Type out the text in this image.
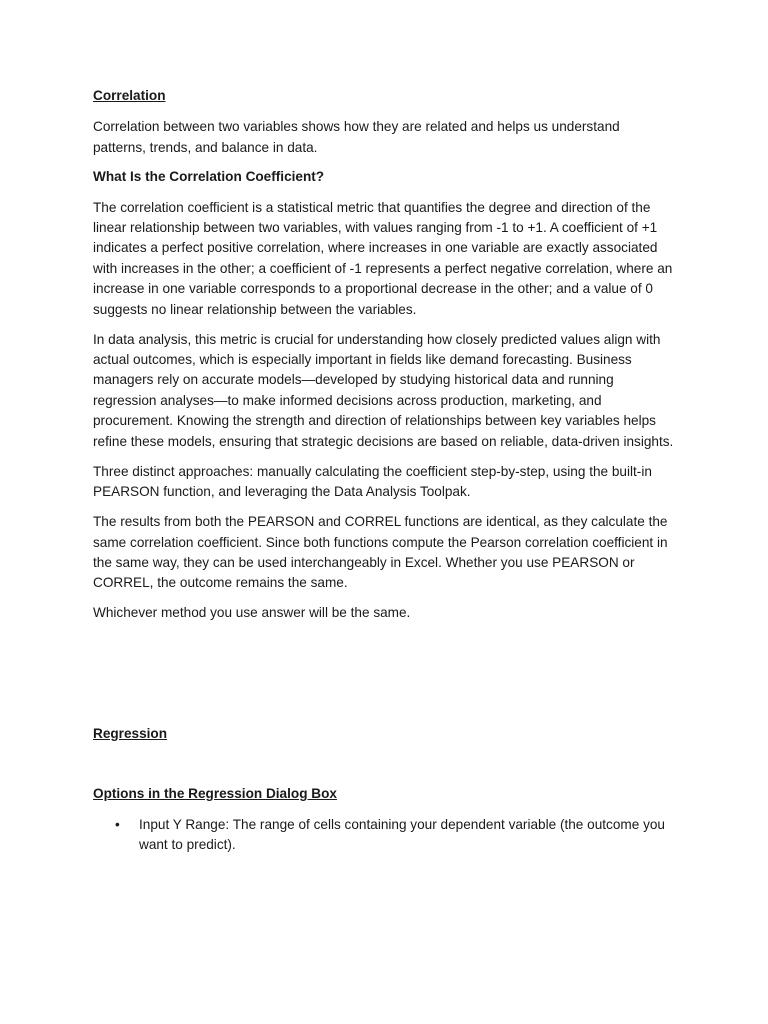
Correlation

Correlation between two variables shows how they are related and helps us understand patterns, trends, and balance in data.

What Is the Correlation Coefficient?

The correlation coefficient is a statistical metric that quantifies the degree and direction of the linear relationship between two variables, with values ranging from -1 to +1. A coefficient of +1 indicates a perfect positive correlation, where increases in one variable are exactly associated with increases in the other; a coefficient of -1 represents a perfect negative correlation, where an increase in one variable corresponds to a proportional decrease in the other; and a value of 0 suggests no linear relationship between the variables.

In data analysis, this metric is crucial for understanding how closely predicted values align with actual outcomes, which is especially important in fields like demand forecasting. Business managers rely on accurate models—developed by studying historical data and running regression analyses—to make informed decisions across production, marketing, and procurement. Knowing the strength and direction of relationships between key variables helps refine these models, ensuring that strategic decisions are based on reliable, data-driven insights.

Three distinct approaches: manually calculating the coefficient step-by-step, using the built-in PEARSON function, and leveraging the Data Analysis Toolpak.

The results from both the PEARSON and CORREL functions are identical, as they calculate the same correlation coefficient. Since both functions compute the Pearson correlation coefficient in the same way, they can be used interchangeably in Excel. Whether you use PEARSON or CORREL, the outcome remains the same.

Whichever method you use answer will be the same.

Regression

Options in the Regression Dialog Box

• Input Y Range: The range of cells containing your dependent variable (the outcome you want to predict).
